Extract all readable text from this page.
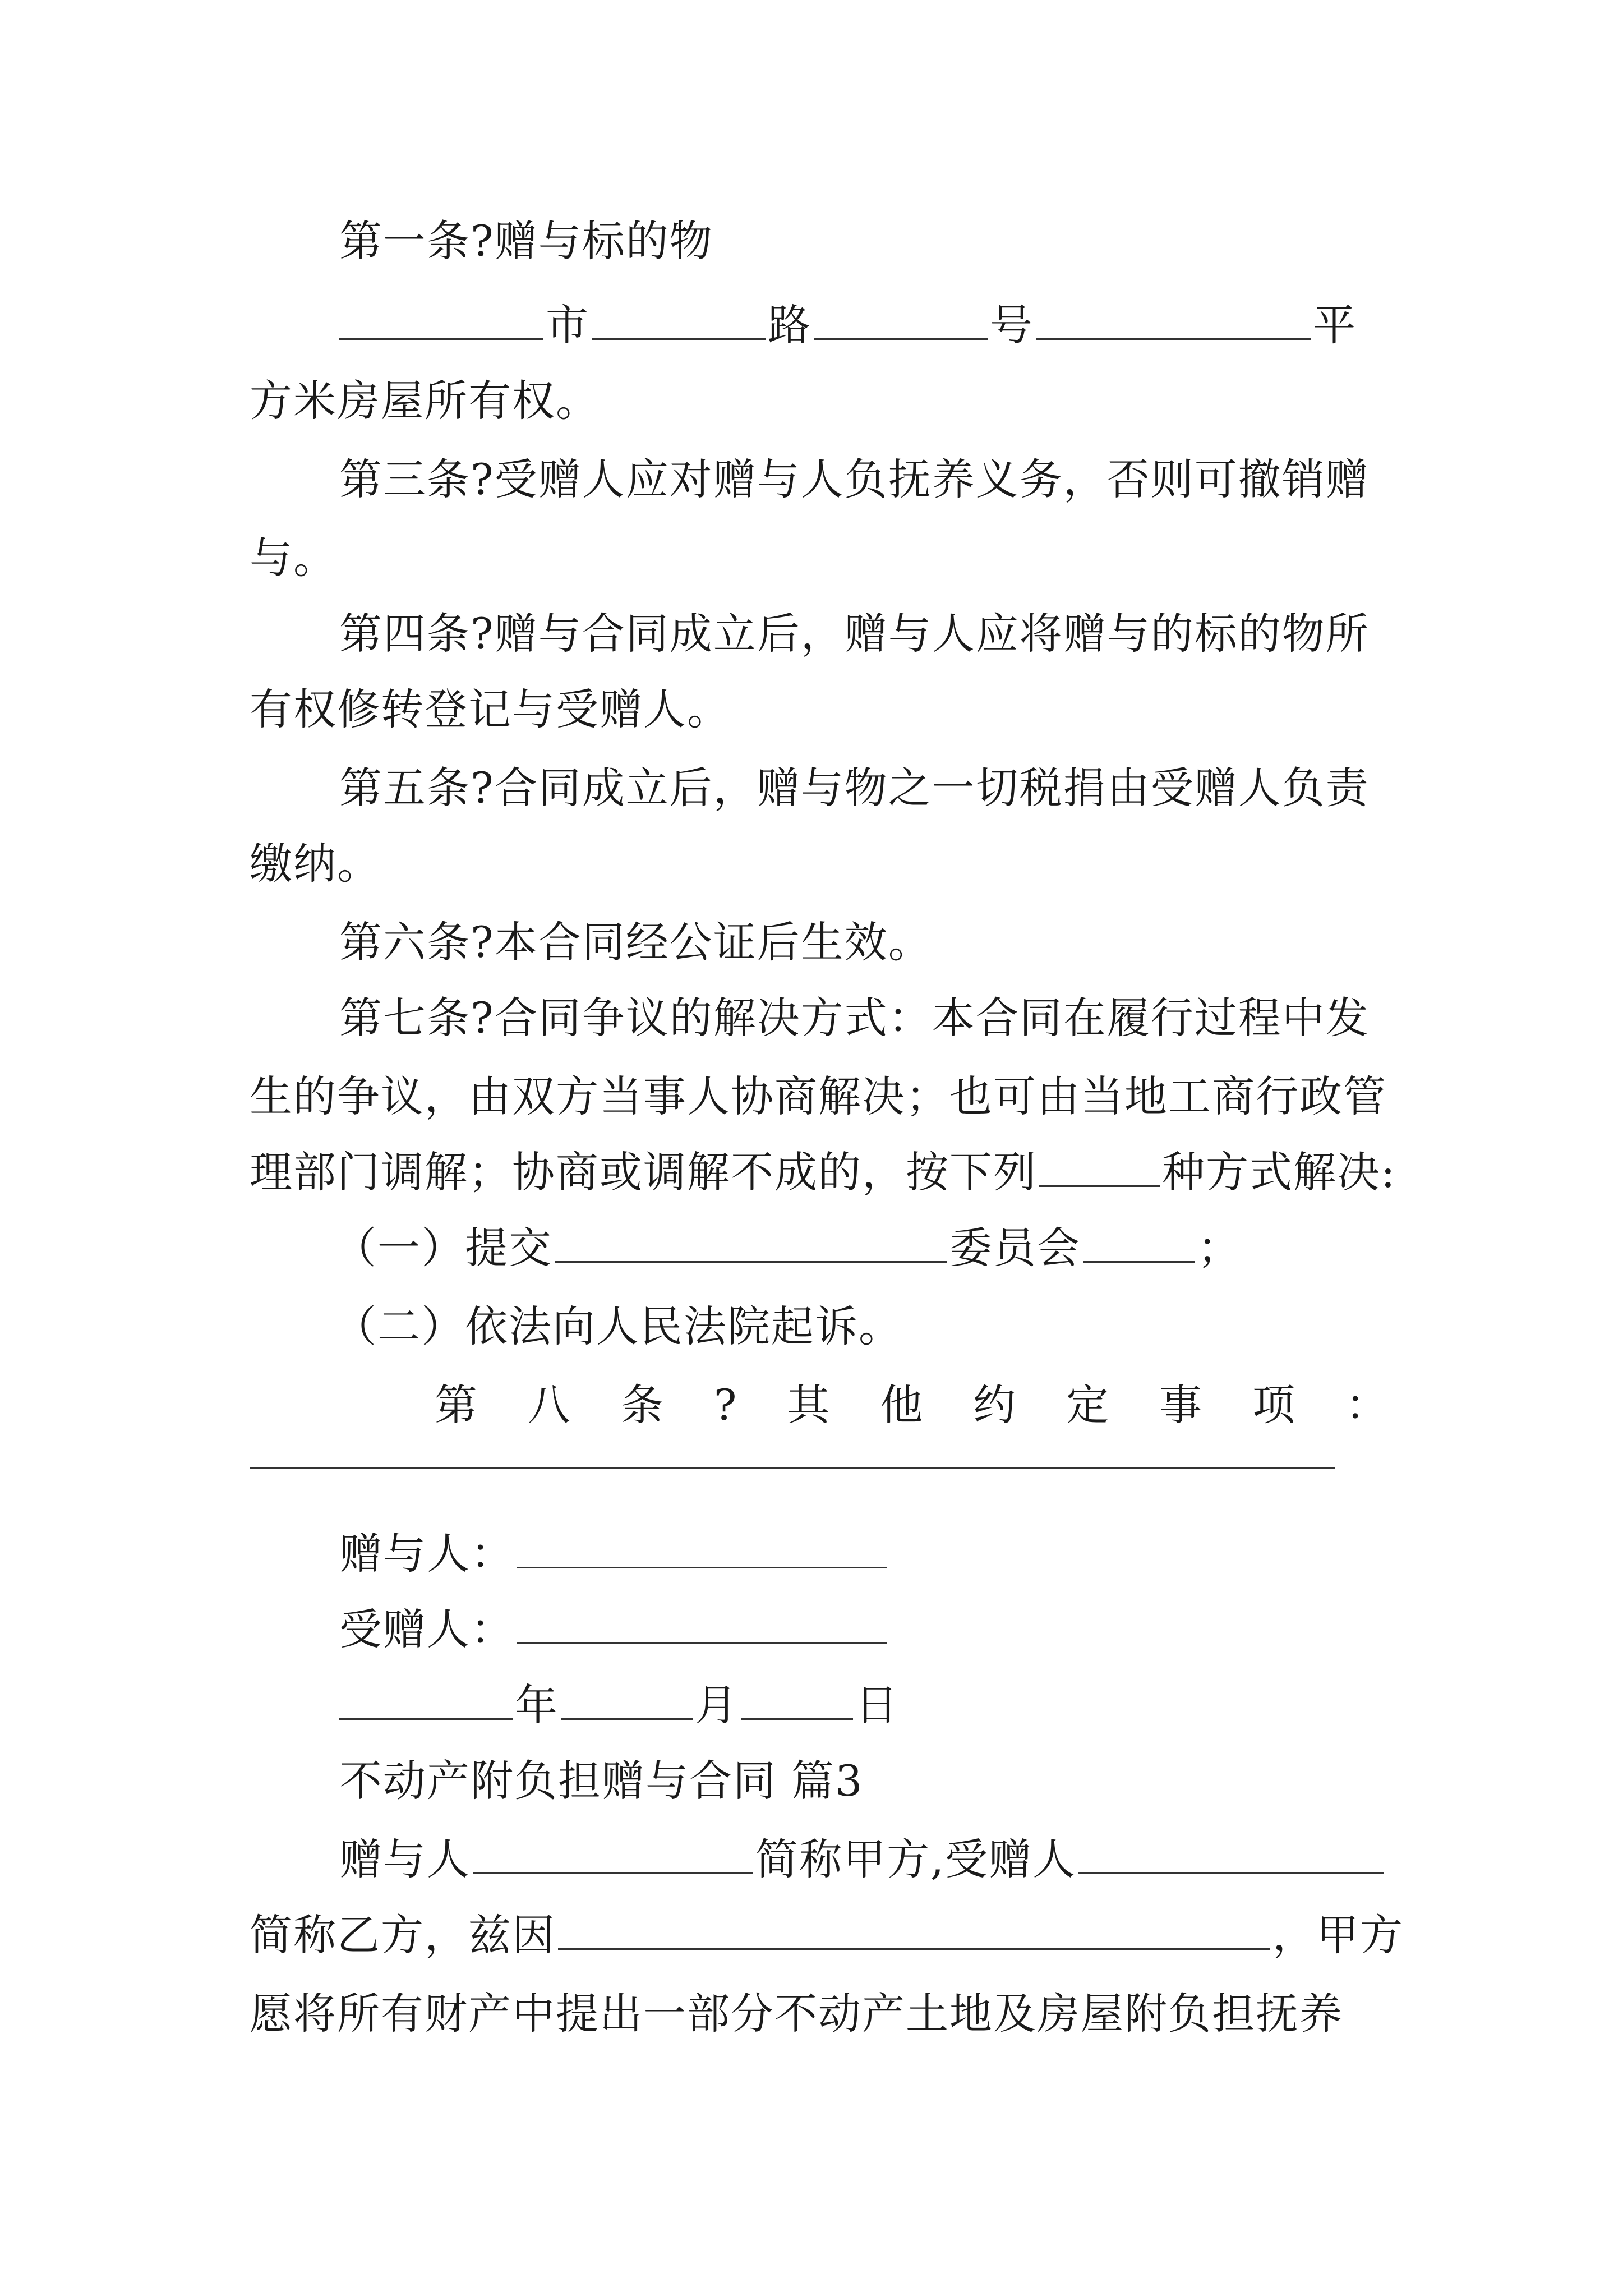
第一条?赠与标的物
市	路	号	平
方米房屋所有权。
第三条?受赠人应对赠与人负抚养义务，否则可撤销赠
与。
第四条?赠与合同成立后，赠与人应将赠与的标的物所
有权修转登记与受赠人。
第五条?合同成立后，赠与物之一切税捐由受赠人负责
缴纳。
第六条?本合同经公证后生效。
第七条?合同争议的解决方式：本合同在履行过程中发
生的争议，由双方当事人协商解决；也可由当地工商行政管
理部门调解；协商或调解不成的，按下列	种方式解决:
（一）提交	委员会	；
（二）依法向人民法院起诉。
第 八 条 ? 其 他 约 定 事 项 ：
赠与人：
受赠人：
年	月	日
不动产附负担赠与合同 篇3
赠与人	简称甲方,受赠人
简称乙方，兹因	，甲方
愿将所有财产中提出一部分不动产土地及房屋附负担抚养
